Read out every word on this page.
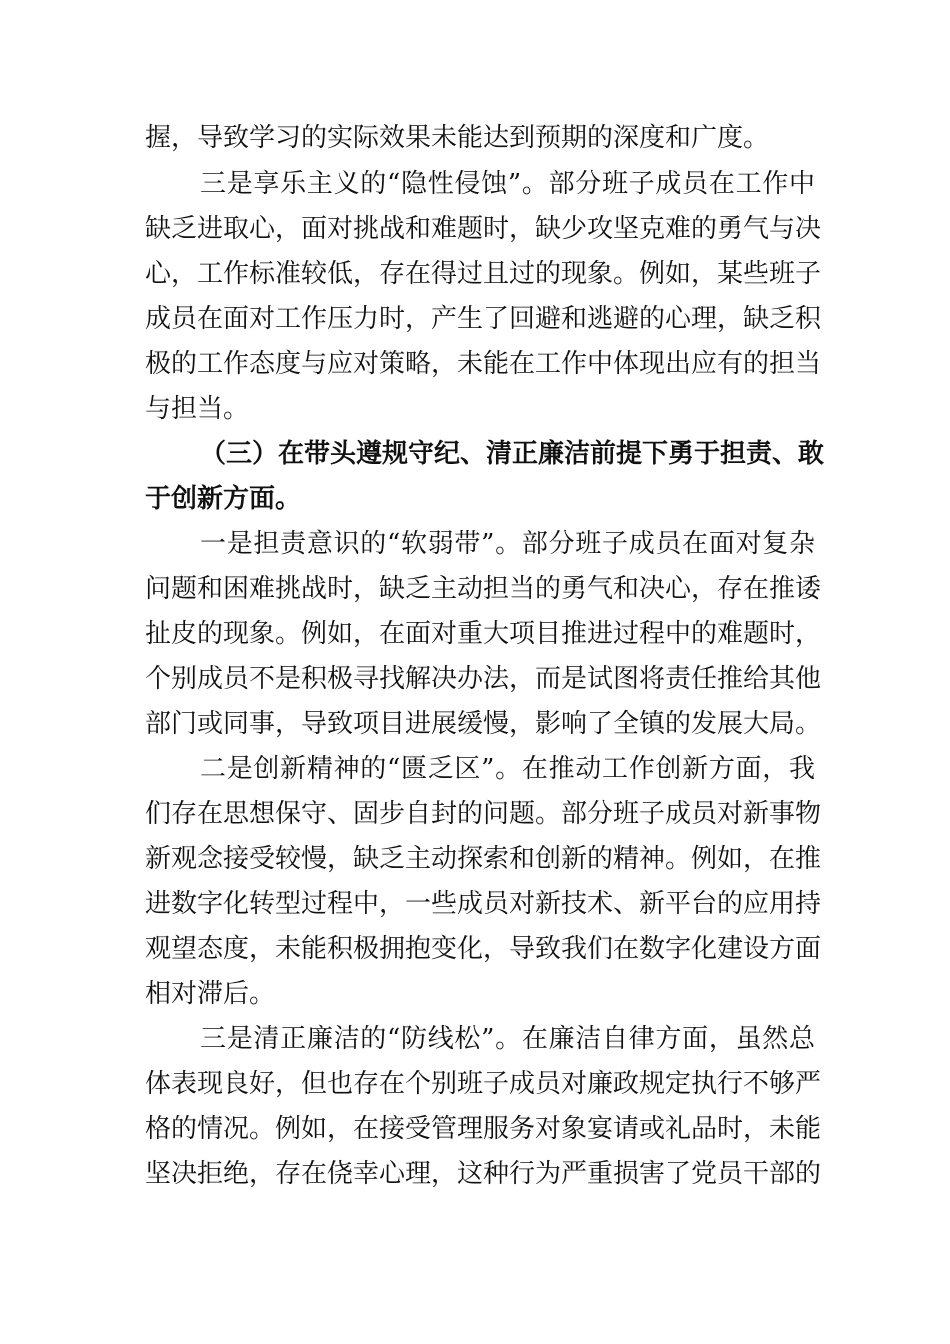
握，导致学习的实际效果未能达到预期的深度和广度。
三是享乐主义的“隐性侵蚀”。部分班子成员在工作中
缺乏进取心，面对挑战和难题时，缺少攻坚克难的勇气与决
心，工作标准较低，存在得过且过的现象。例如，某些班子
成员在面对工作压力时，产生了回避和逃避的心理，缺乏积
极的工作态度与应对策略，未能在工作中体现出应有的担当
与担当。
（三）在带头遵规守纪、清正廉洁前提下勇于担责、敢
于创新方面。
一是担责意识的“软弱带”。部分班子成员在面对复杂
问题和困难挑战时，缺乏主动担当的勇气和决心，存在推诿
扯皮的现象。例如，在面对重大项目推进过程中的难题时，
个别成员不是积极寻找解决办法，而是试图将责任推给其他
部门或同事，导致项目进展缓慢，影响了全镇的发展大局。
二是创新精神的“匮乏区”。在推动工作创新方面，我
们存在思想保守、固步自封的问题。部分班子成员对新事物
新观念接受较慢，缺乏主动探索和创新的精神。例如，在推
进数字化转型过程中，一些成员对新技术、新平台的应用持
观望态度，未能积极拥抱变化，导致我们在数字化建设方面
相对滞后。
三是清正廉洁的“防线松”。在廉洁自律方面，虽然总
体表现良好，但也存在个别班子成员对廉政规定执行不够严
格的情况。例如，在接受管理服务对象宴请或礼品时，未能
坚决拒绝，存在侥幸心理，这种行为严重损害了党员干部的
